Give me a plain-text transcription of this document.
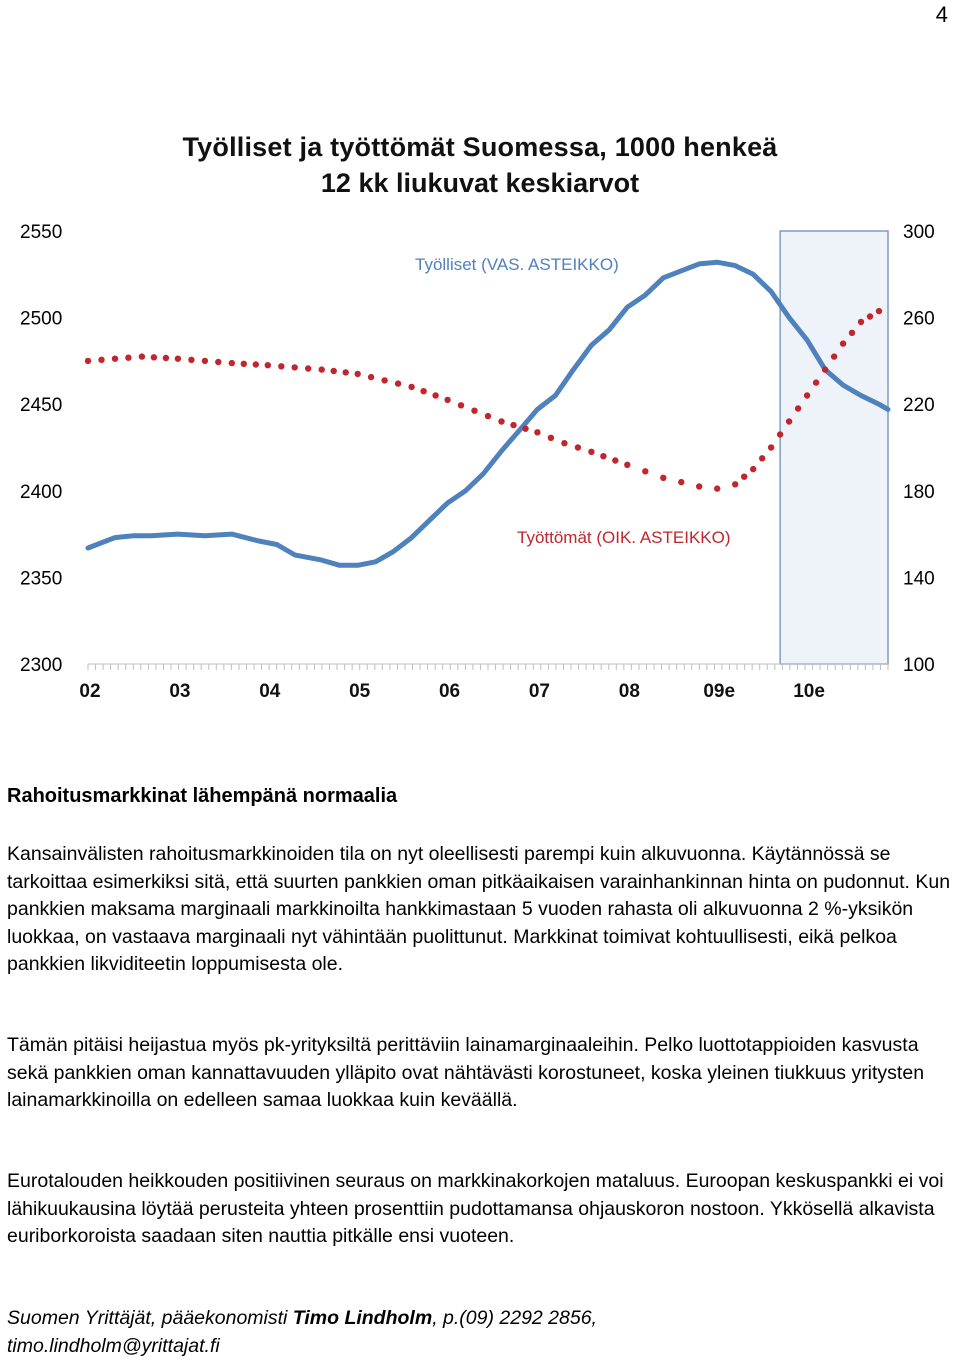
4
Työlliset ja työttömät Suomessa, 1000 henkeä
12 kk liukuvat keskiarvot
2300
2350
2400
2450
2500
2550
100
140
180
220
260
300
02	03	04	05	06	07	08	09e	10e
Työlliset (VAS. ASTEIKKO)
Työttömät (OIK. ASTEIKKO)
Rahoitusmarkkinat lähempänä normaalia
Kansainvälisten rahoitusmarkkinoiden tila on nyt oleellisesti parempi kuin alkuvuonna. Käytännössä se tarkoittaa esimerkiksi sitä, että suurten pankkien oman pitkäaikaisen varainhankinnan hinta on pudonnut. Kun pankkien maksama marginaali markkinoilta hankkimastaan 5 vuoden rahasta oli alkuvuonna 2 %-yksikön luokkaa, on vastaava marginaali nyt vähintään puolittunut. Markkinat toimivat kohtuullisesti, eikä pelkoa pankkien likviditeetin loppumisesta ole.
Tämän pitäisi heijastua myös pk-yrityksiltä perittäviin lainamarginaaleihin. Pelko luottotappioiden kasvusta sekä pankkien oman kannattavuuden ylläpito ovat nähtävästi korostuneet, koska yleinen tiukkuus yritysten lainamarkkinoilla on edelleen samaa luokkaa kuin keväällä.
Eurotalouden heikkouden positiivinen seuraus on markkinakorkojen mataluus. Euroopan keskuspankki ei voi lähikuukausina löytää perusteita yhteen prosenttiin pudottamansa ohjauskoron nostoon. Ykkösellä alkavista euriborkoroista saadaan siten nauttia pitkälle ensi vuoteen.
Suomen Yrittäjät, pääekonomisti Timo Lindholm, p.(09) 2292 2856,
timo.lindholm@yrittajat.fi
